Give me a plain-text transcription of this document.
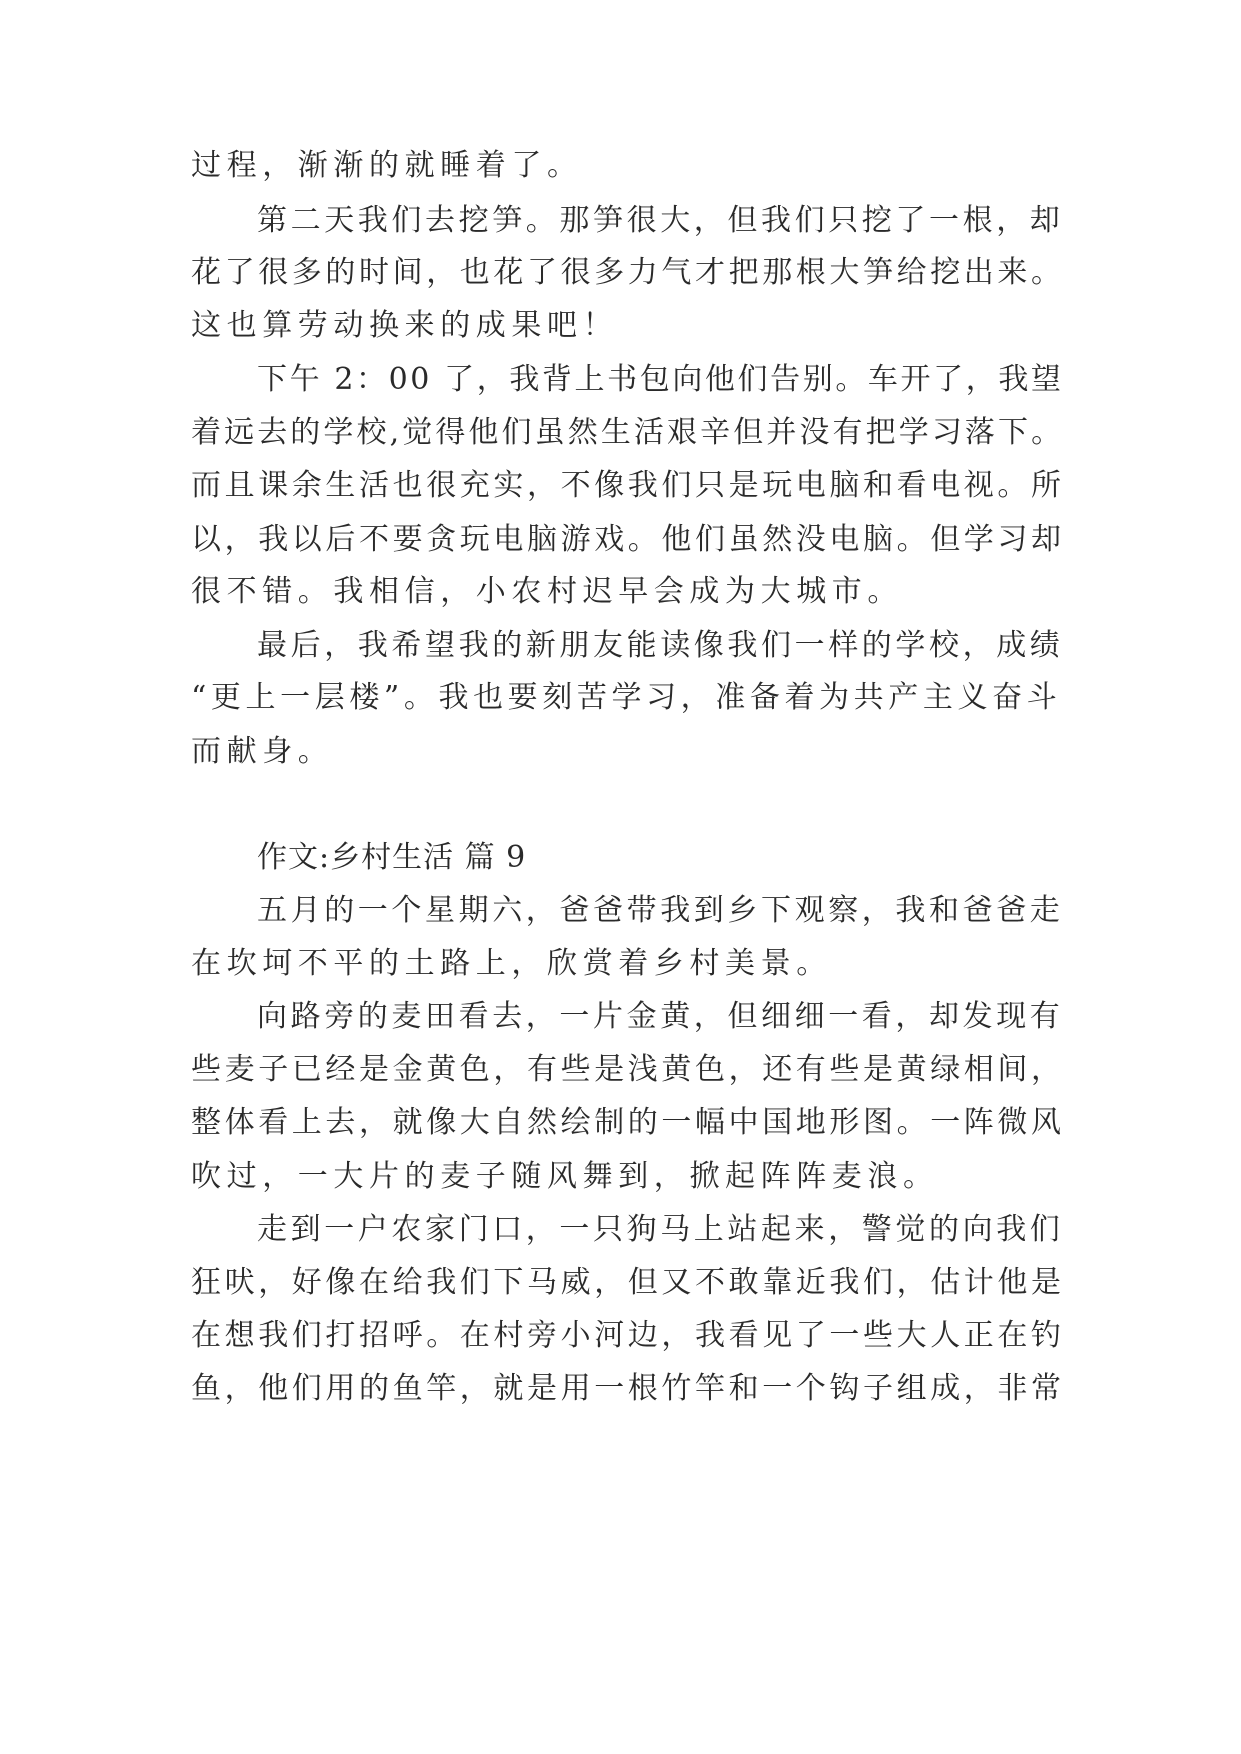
过程，渐渐的就睡着了。
第二天我们去挖笋。那笋很大，但我们只挖了一根，却
花了很多的时间，也花了很多力气才把那根大笋给挖出来。
这也算劳动换来的成果吧！
下午 2：00 了，我背上书包向他们告别。车开了，我望
着远去的学校,觉得他们虽然生活艰辛但并没有把学习落下。
而且课余生活也很充实，不像我们只是玩电脑和看电视。所
以，我以后不要贪玩电脑游戏。他们虽然没电脑。但学习却
很不错。我相信，小农村迟早会成为大城市。
最后，我希望我的新朋友能读像我们一样的学校，成绩
“更上一层楼”。我也要刻苦学习，准备着为共产主义奋斗
而献身。
作文:乡村生活 篇 9
五月的一个星期六，爸爸带我到乡下观察，我和爸爸走
在坎坷不平的土路上，欣赏着乡村美景。
向路旁的麦田看去，一片金黄，但细细一看，却发现有
些麦子已经是金黄色，有些是浅黄色，还有些是黄绿相间，
整体看上去，就像大自然绘制的一幅中国地形图。一阵微风
吹过，一大片的麦子随风舞到，掀起阵阵麦浪。
走到一户农家门口，一只狗马上站起来，警觉的向我们
狂吠，好像在给我们下马威，但又不敢靠近我们，估计他是
在想我们打招呼。在村旁小河边，我看见了一些大人正在钓
鱼，他们用的鱼竿，就是用一根竹竿和一个钩子组成，非常
